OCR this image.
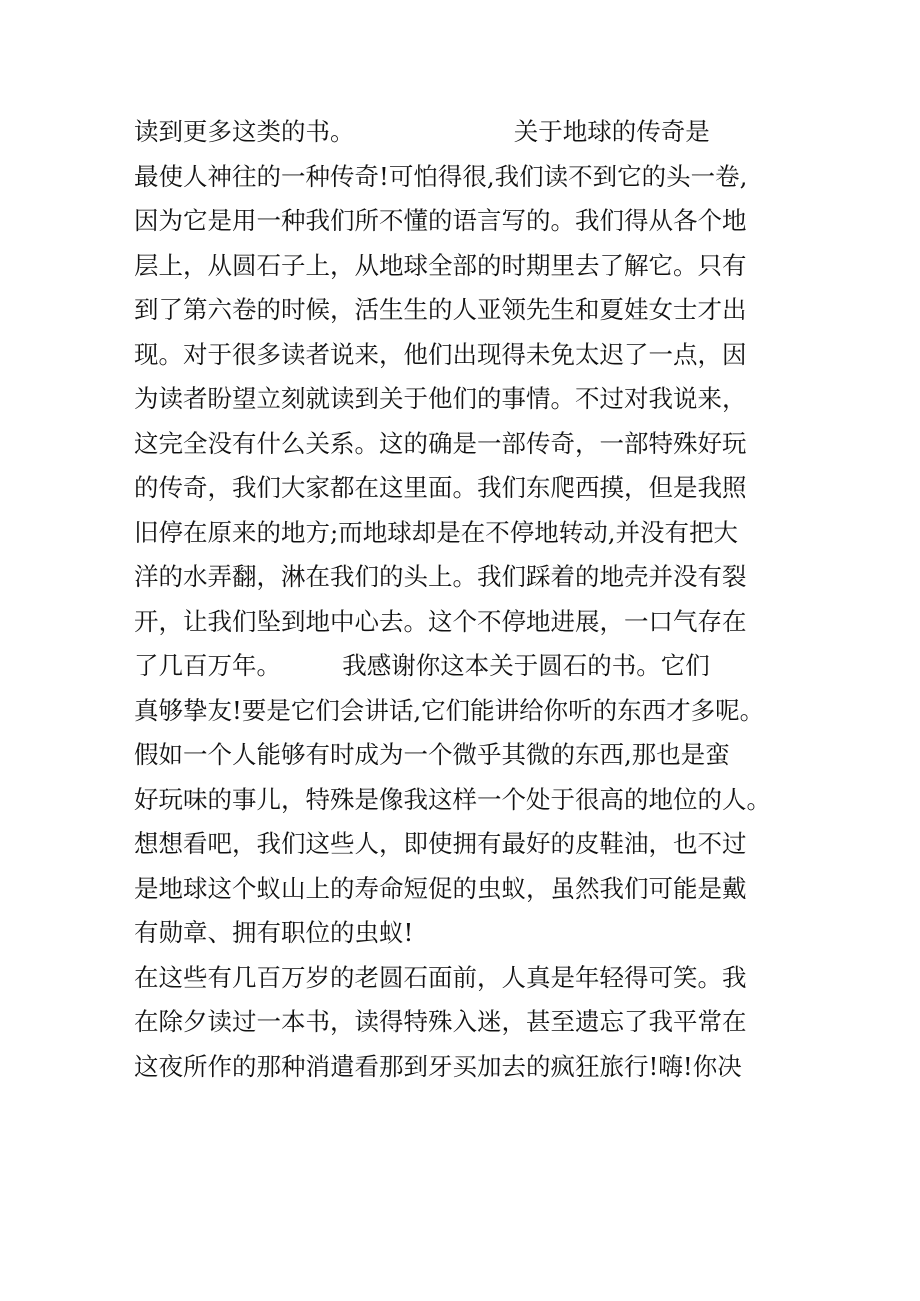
读到更多这类的书。　　　　　　　关于地球的传奇是
最使人神往的一种传奇!可怕得很,我们读不到它的头一卷,
因为它是用一种我们所不懂的语言写的。我们得从各个地
层上，从圆石子上，从地球全部的时期里去了解它。只有
到了第六卷的时候，活生生的人亚领先生和夏娃女士才出
现。对于很多读者说来，他们出现得未免太迟了一点，因
为读者盼望立刻就读到关于他们的事情。不过对我说来，
这完全没有什么关系。这的确是一部传奇，一部特殊好玩
的传奇，我们大家都在这里面。我们东爬西摸，但是我照
旧停在原来的地方;而地球却是在不停地转动,并没有把大
洋的水弄翻，淋在我们的头上。我们踩着的地壳并没有裂
开，让我们坠到地中心去。这个不停地进展，一口气存在
了几百万年。　　　我感谢你这本关于圆石的书。它们
真够挚友!要是它们会讲话,它们能讲给你听的东西才多呢。
假如一个人能够有时成为一个微乎其微的东西,那也是蛮
好玩味的事儿，特殊是像我这样一个处于很高的地位的人。
想想看吧，我们这些人，即使拥有最好的皮鞋油，也不过
是地球这个蚁山上的寿命短促的虫蚁，虽然我们可能是戴
有勋章、拥有职位的虫蚁!
在这些有几百万岁的老圆石面前，人真是年轻得可笑。我
在除夕读过一本书，读得特殊入迷，甚至遗忘了我平常在
这夜所作的那种消遣看那到牙买加去的疯狂旅行!嗨!你决
